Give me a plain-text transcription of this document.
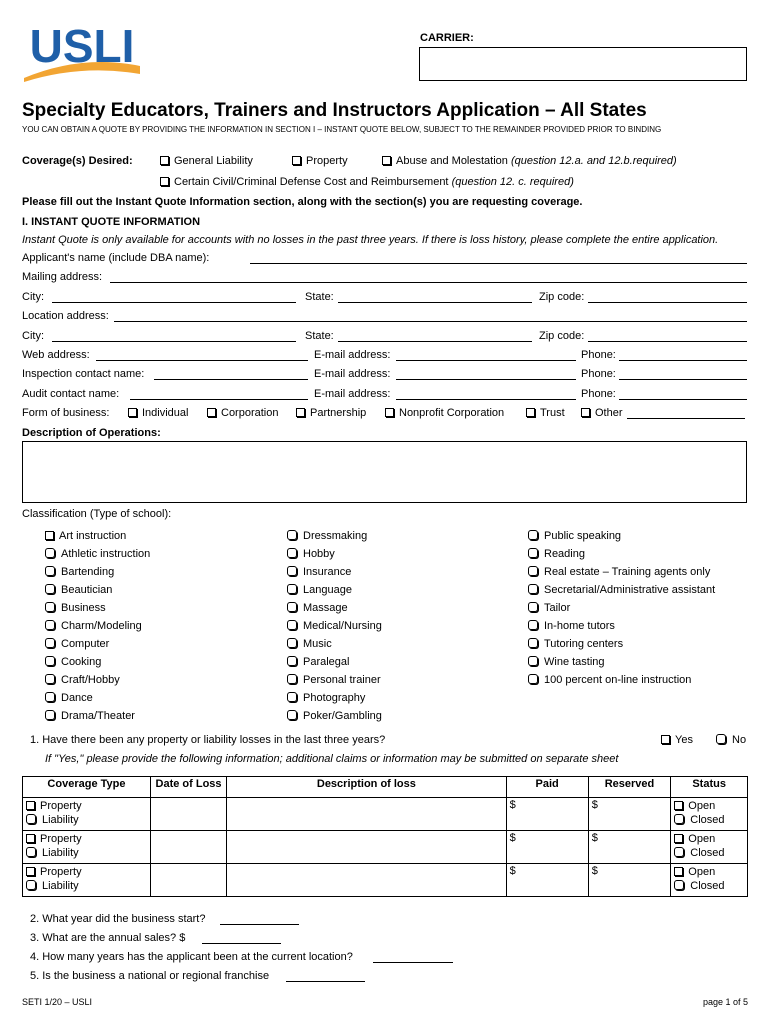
USLI	CARRIER:
Specialty Educators, Trainers and Instructors Application – All States
YOU CAN OBTAIN A QUOTE BY PROVIDING THE INFORMATION IN SECTION I – INSTANT QUOTE BELOW, SUBJECT TO THE REMAINDER PROVIDED PRIOR TO BINDING
Coverage(s) Desired:	General Liability	Property	Abuse and Molestation (question 12.a. and 12.b.required)
Certain Civil/Criminal Defense Cost and Reimbursement (question 12. c. required)
Please fill out the Instant Quote Information section, along with the section(s) you are requesting coverage.
I. INSTANT QUOTE INFORMATION
Instant Quote is only available for accounts with no losses in the past three years. If there is loss history, please complete the entire application.
Applicant's name (include DBA name):
Mailing address:
City:	State:	Zip code:
Location address:
City:	State:	Zip code:
Web address:	E-mail address:	Phone:
Inspection contact name:	E-mail address:	Phone:
Audit contact name:	E-mail address:	Phone:
Form of business:	Individual	Corporation	Partnership	Nonprofit Corporation	Trust	Other
Description of Operations:
Classification (Type of school):
Art instruction
Athletic instruction
Bartending
Beautician
Business
Charm/Modeling
Computer
Cooking
Craft/Hobby
Dance
Drama/Theater
Dressmaking
Hobby
Insurance
Language
Massage
Medical/Nursing
Music
Paralegal
Personal trainer
Photography
Poker/Gambling
Public speaking
Reading
Real estate – Training agents only
Secretarial/Administrative assistant
Tailor
In-home tutors
Tutoring centers
Wine tasting
100 percent on-line instruction
1. Have there been any property or liability losses in the last three years?	Yes	No
If "Yes," please provide the following information; additional claims or information may be submitted on separate sheet
Coverage Type	Date of Loss	Description of loss	Paid	Reserved	Status

Property
Liability			$	$	Open
Closed

Property
Liability			$	$	Open
Closed

Property
Liability			$	$	Open
Closed
2. What year did the business start?
3. What are the annual sales? $
4. How many years has the applicant been at the current location?
5. Is the business a national or regional franchise
SETI 1/20 – USLI	page 1 of 5
